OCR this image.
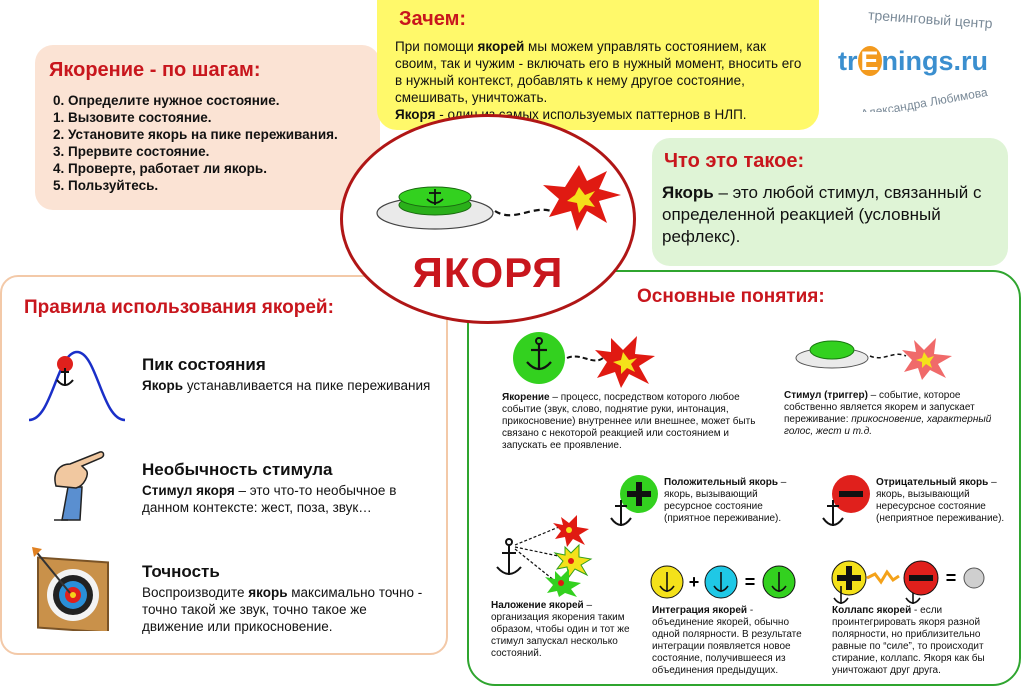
Якорение - по шагам:
0. Определите нужное состояние.
1. Вызовите состояние.
2. Установите якорь на пике переживания.
3. Прервите состояние.
4. Проверте, работает ли якорь.
5. Пользуйтесь.
Зачем:
При помощи якорей мы можем управлять состоянием, как своим, так и чужим - включать его в нужный момент, вносить его в нужный контекст, добавлять к нему другое состояние, смешивать, уничтожать.
Якоря - один из самых используемых паттернов в НЛП.
тренинговый центр
Александра Любимова
tr E nings.ru
Что это такое:
Якорь – это любой стимул, связанный с определенной реакцией (условный рефлекс).
Правила использования якорей:
Пик состояния
Якорь устанавливается на пике переживания
Необычность стимула
Стимул якоря – это что-то необычное в данном контексте: жест, поза, звук…
Точность
Воспроизводите якорь максимально точно - точно такой же звук, точно такое же движение или прикосновение.
Основные понятия:
Якорение – процесс, посредством которого любое событие (звук, слово, поднятие руки, интонация, прикосновение) внутреннее или внешнее, может быть связано с некоторой реакцией или состоянием и запускать ее проявление.
Стимул (триггер) – событие, которое собственно является якорем и запускает переживание: прикосновение, характерный голос, жест и т.д.
Положительный якорь – якорь, вызывающий ресурсное состояние (приятное переживание).
Отрицательный якорь – якорь, вызывающий нересурсное состояние (неприятное переживание).
Наложение якорей – организация якорения таким образом, чтобы один и тот же стимул запускал несколько состояний.
+	=
Интеграция якорей - объединение якорей, обычно одной полярности. В результате интеграции появляется новое состояние, получившееся из объединения предыдущих.
=
Коллапс якорей - если проинтегрировать якоря разной полярности, но приблизительно равные по “силе”, то происходит стирание, коллапс. Якоря как бы уничтожают друг друга.
ЯКОРЯ
